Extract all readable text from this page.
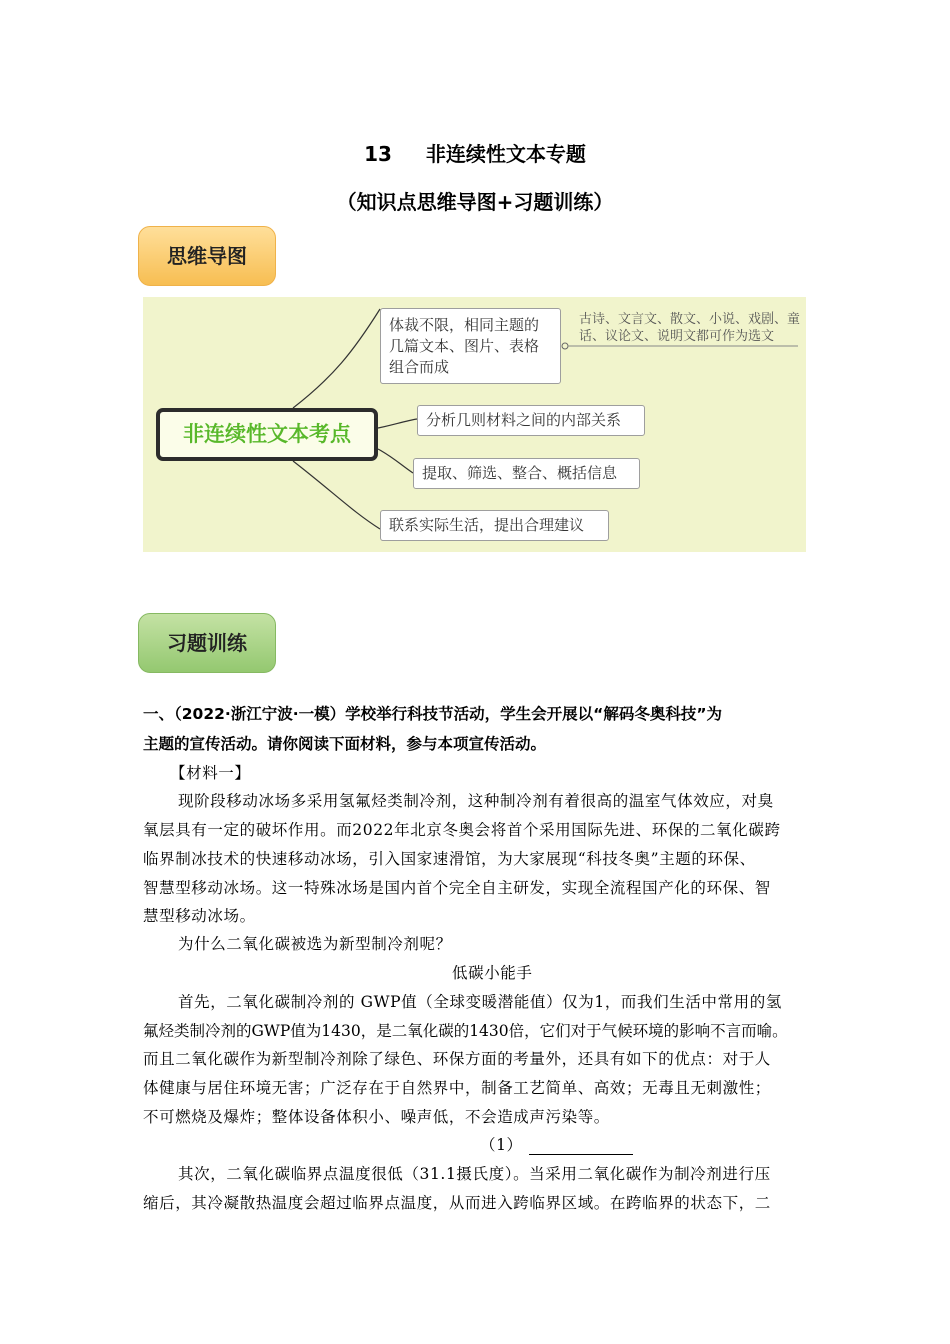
13 非连续性文本专题
（知识点思维导图+习题训练）
思维导图
非连续性文本考点
体裁不限，相同主题的
几篇文本、图片、表格
组合而成
古诗、文言文、散文、小说、戏剧、童
话、议论文、说明文都可作为选文
分析几则材料之间的内部关系
提取、筛选、整合、概括信息
联系实际生活，提出合理建议
习题训练
一、（2022·浙江宁波·一模）学校举行科技节活动，学生会开展以“解码冬奥科技”为
主题的宣传活动。请你阅读下面材料，参与本项宣传活动。
【材料一】
现阶段移动冰场多采用氢氟烃类制冷剂，这种制冷剂有着很高的温室气体效应，对臭
氧层具有一定的破坏作用。而2022年北京冬奥会将首个采用国际先进、环保的二氧化碳跨
临界制冰技术的快速移动冰场，引入国家速滑馆，为大家展现“科技冬奥”主题的环保、
智慧型移动冰场。这一特殊冰场是国内首个完全自主研发，实现全流程国产化的环保、智
慧型移动冰场。
为什么二氧化碳被选为新型制冷剂呢？
低碳小能手
首先，二氧化碳制冷剂的 GWP值（全球变暖潜能值）仅为1，而我们生活中常用的氢
氟烃类制冷剂的GWP值为1430，是二氧化碳的1430倍，它们对于气候环境的影响不言而喻。
而且二氧化碳作为新型制冷剂除了绿色、环保方面的考量外，还具有如下的优点：对于人
体健康与居住环境无害；广泛存在于自然界中，制备工艺简单、高效；无毒且无刺激性；
不可燃烧及爆炸；整体设备体积小、噪声低，不会造成声污染等。
（1）
其次，二氧化碳临界点温度很低（31.1摄氏度）。当采用二氧化碳作为制冷剂进行压
缩后，其冷凝散热温度会超过临界点温度，从而进入跨临界区域。在跨临界的状态下，二
